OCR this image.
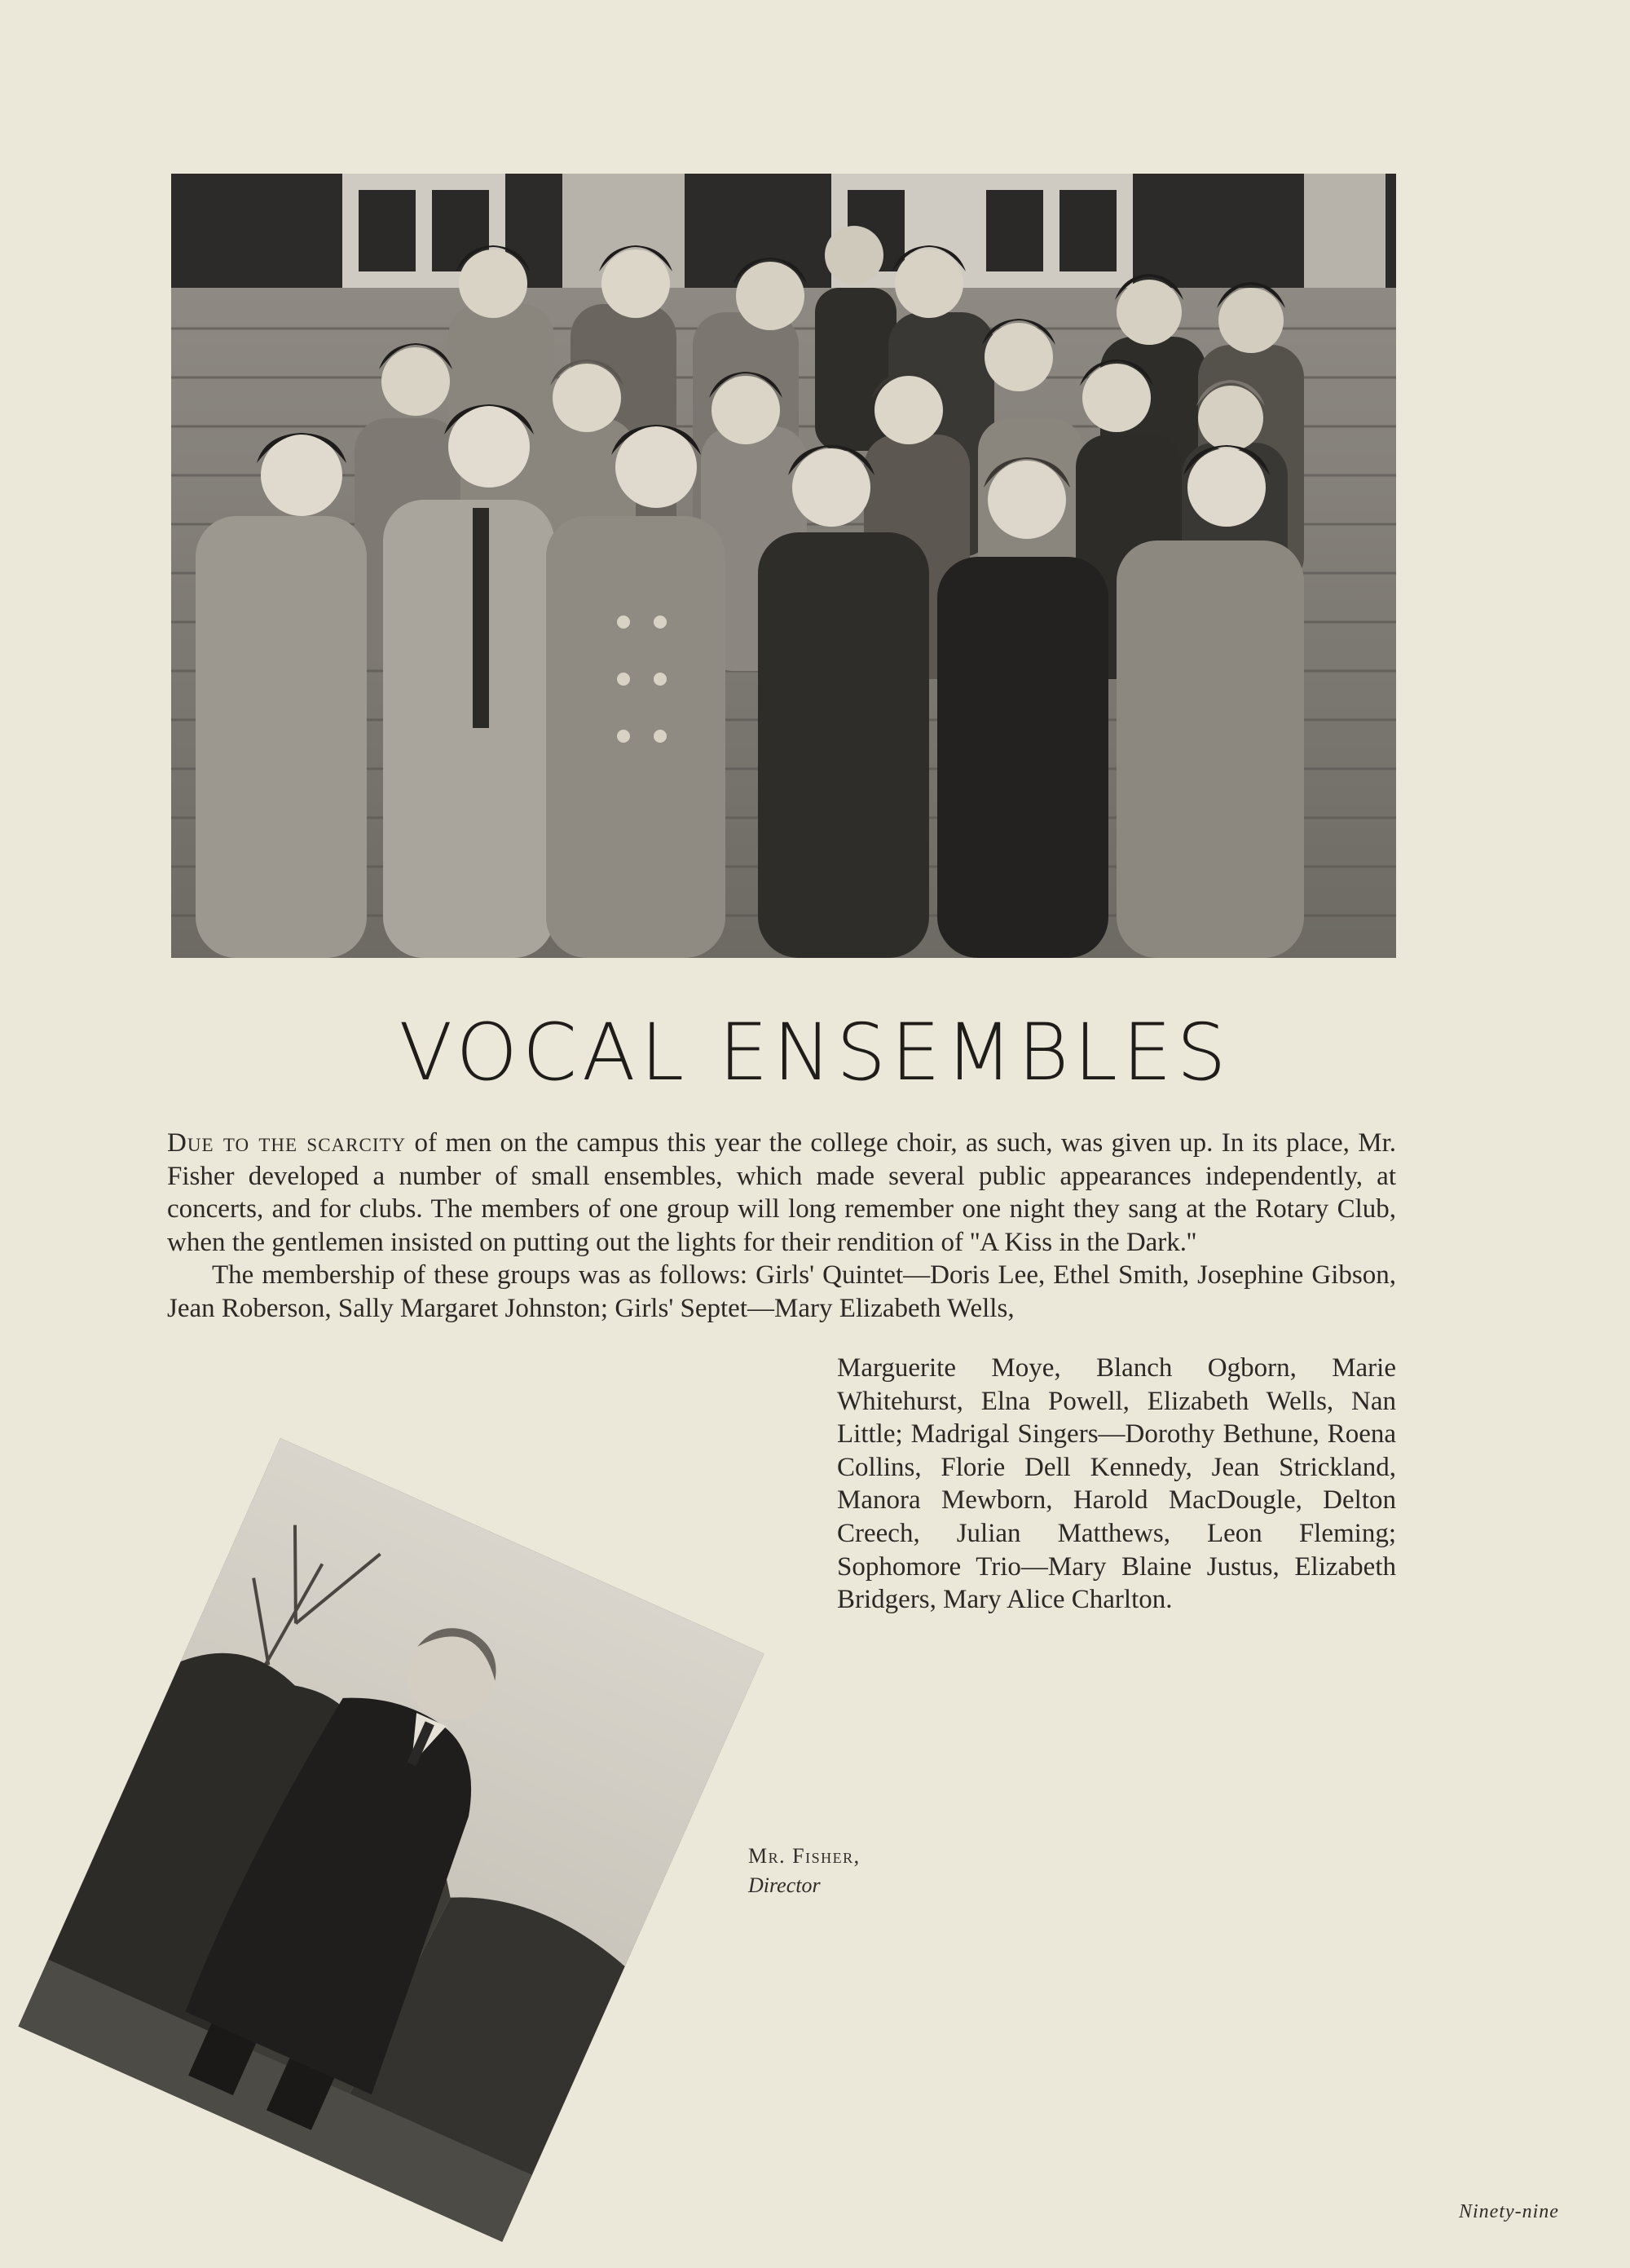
VOCAL ENSEMBLES

Due to the scarcity of men on the campus this year the college choir, as such, was given up. In its place, Mr. Fisher developed a number of small ensembles, which made several public appearances independently, at concerts, and for clubs. The members of one group will long remember one night they sang at the Rotary Club, when the gentlemen insisted on putting out the lights for their rendition of ''A Kiss in the Dark.''

The membership of these groups was as follows: Girls' Quintet—Doris Lee, Ethel Smith, Josephine Gibson, Jean Roberson, Sally Margaret Johnston; Girls' Septet—Mary Elizabeth Wells,

Marguerite Moye, Blanch Ogborn, Marie Whitehurst, Elna Powell, Elizabeth Wells, Nan Little; Madrigal Singers—Dorothy Bethune, Roena Collins, Florie Dell Kennedy, Jean Strickland, Manora Mewborn, Harold MacDougle, Delton Creech, Julian Matthews, Leon Fleming; Sophomore Trio—Mary Blaine Justus, Elizabeth Bridgers, Mary Alice Charlton.
Mr. Fisher,
Director
Ninety-nine
